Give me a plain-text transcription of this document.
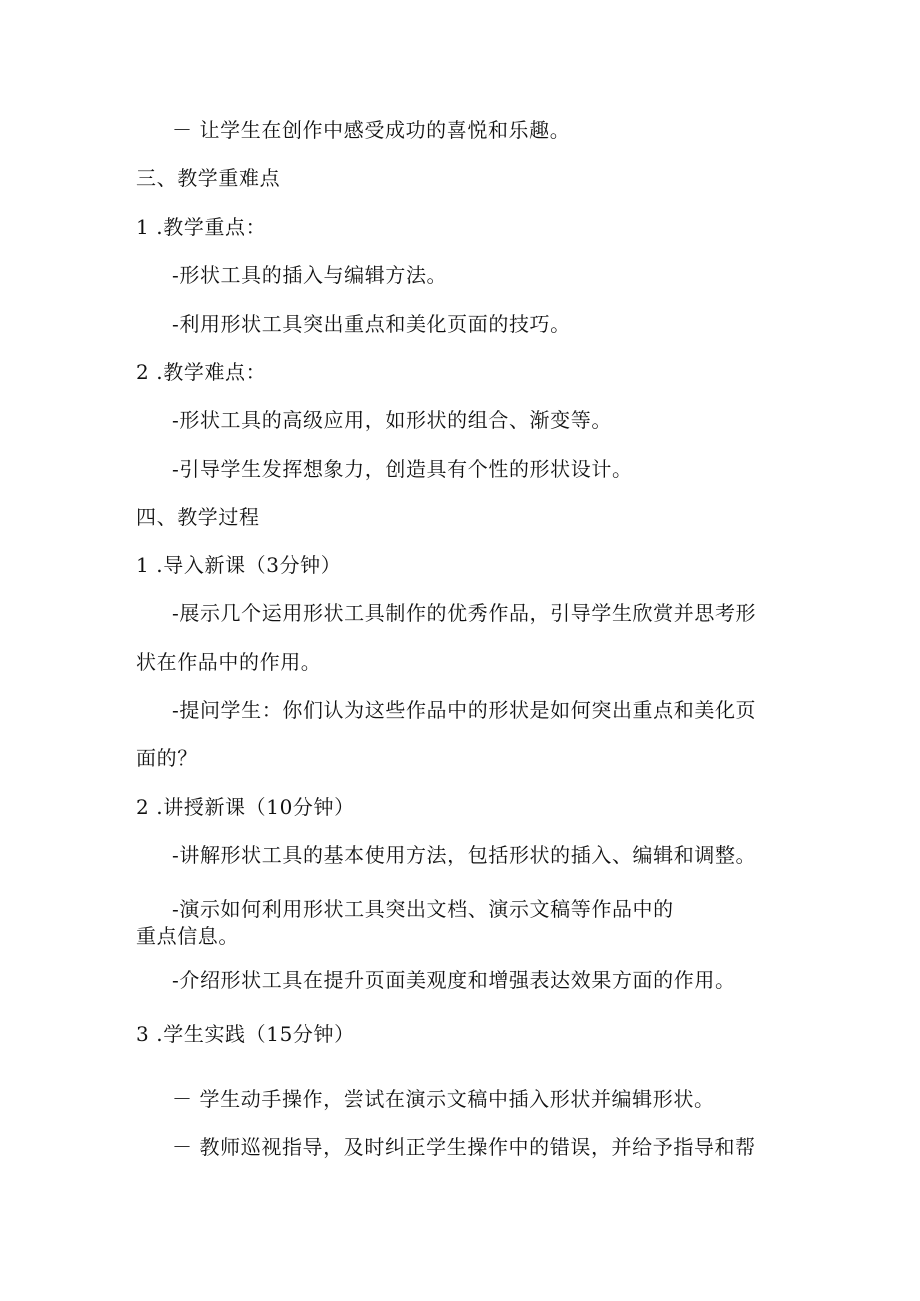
－ 让学生在创作中感受成功的喜悦和乐趣。
三、教学重难点
1 .教学重点：
-形状工具的插入与编辑方法。
-利用形状工具突出重点和美化页面的技巧。
2 .教学难点：
-形状工具的高级应用，如形状的组合、渐变等。
-引导学生发挥想象力，创造具有个性的形状设计。
四、教学过程
1 .导入新课（3分钟）
-展示几个运用形状工具制作的优秀作品，引导学生欣赏并思考形
状在作品中的作用。
-提问学生：你们认为这些作品中的形状是如何突出重点和美化页
面的？
2 .讲授新课（10分钟）
-讲解形状工具的基本使用方法，包括形状的插入、编辑和调整。
-演示如何利用形状工具突出文档、演示文稿等作品中的
重点信息。
-介绍形状工具在提升页面美观度和增强表达效果方面的作用。
3 .学生实践（15分钟）
－ 学生动手操作，尝试在演示文稿中插入形状并编辑形状。
－ 教师巡视指导，及时纠正学生操作中的错误，并给予指导和帮
